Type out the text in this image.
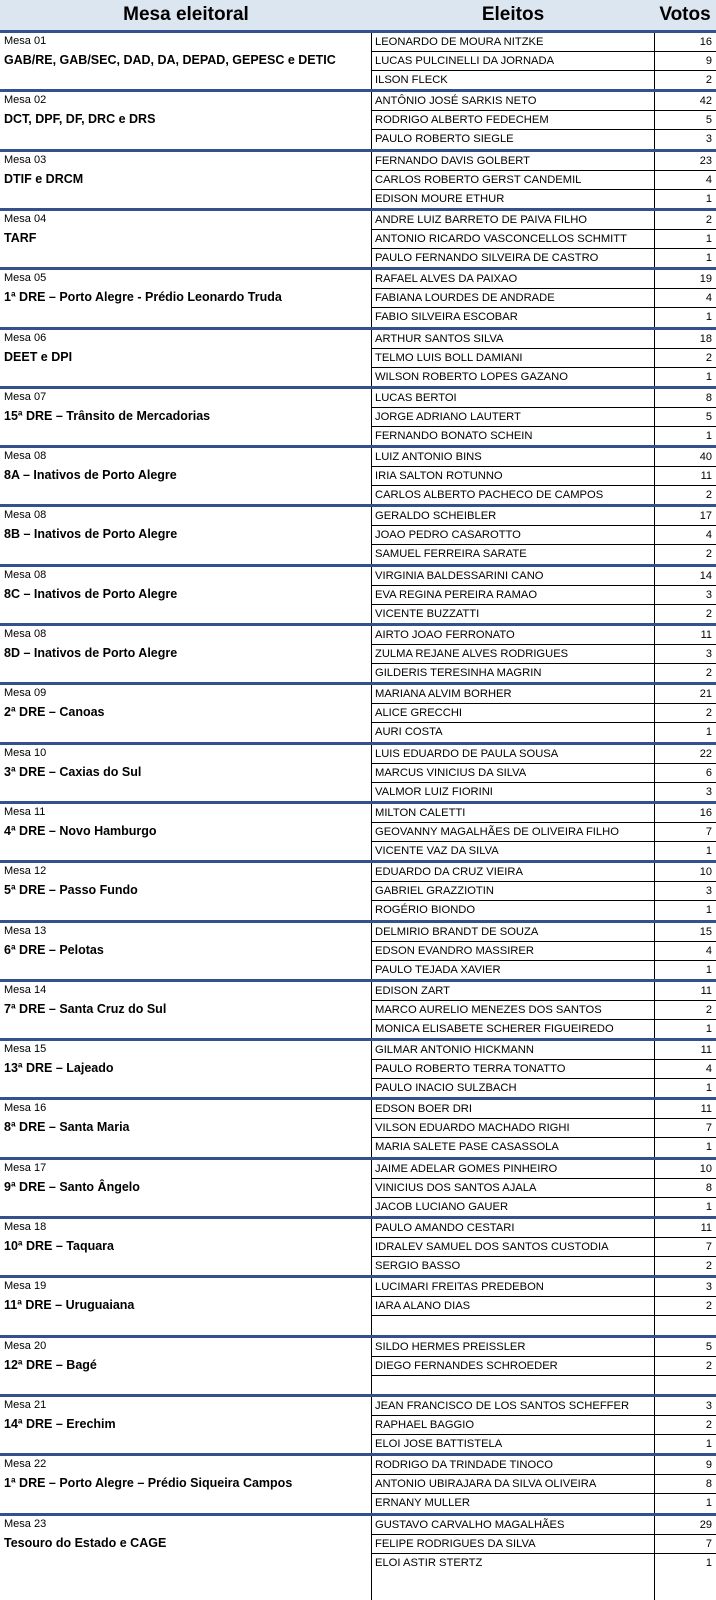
Mesa eleitoral	Eleitos	Votos
Mesa 01
GAB/RE, GAB/SEC, DAD, DA, DEPAD, GEPESC e DETIC
LEONARDO DE MOURA NITZKE	16
LUCAS PULCINELLI DA JORNADA	9
ILSON FLECK	2
Mesa 02
DCT, DPF, DF, DRC e DRS
ANTÔNIO JOSÉ SARKIS NETO	42
RODRIGO ALBERTO FEDECHEM	5
PAULO ROBERTO SIEGLE	3
Mesa 03
DTIF e DRCM
FERNANDO DAVIS GOLBERT	23
CARLOS ROBERTO GERST CANDEMIL	4
EDISON MOURE ETHUR	1
Mesa 04
TARF
ANDRE LUIZ BARRETO DE PAIVA FILHO	2
ANTONIO RICARDO VASCONCELLOS SCHMITT	1
PAULO FERNANDO SILVEIRA DE CASTRO	1
Mesa 05
1ª DRE – Porto Alegre - Prédio Leonardo Truda
RAFAEL ALVES DA PAIXAO	19
FABIANA LOURDES DE ANDRADE	4
FABIO SILVEIRA ESCOBAR	1
Mesa 06
DEET e DPI
ARTHUR SANTOS SILVA	18
TELMO LUIS BOLL DAMIANI	2
WILSON ROBERTO LOPES GAZANO	1
Mesa 07
15ª DRE – Trânsito de Mercadorias
LUCAS BERTOI	8
JORGE ADRIANO LAUTERT	5
FERNANDO BONATO SCHEIN	1
Mesa 08
8A – Inativos de Porto Alegre
LUIZ ANTONIO BINS	40
IRIA SALTON ROTUNNO	11
CARLOS ALBERTO PACHECO DE CAMPOS	2
Mesa 08
8B – Inativos de Porto Alegre
GERALDO SCHEIBLER	17
JOAO PEDRO CASAROTTO	4
SAMUEL FERREIRA SARATE	2
Mesa 08
8C – Inativos de Porto Alegre
VIRGINIA BALDESSARINI CANO	14
EVA REGINA PEREIRA RAMAO	3
VICENTE BUZZATTI	2
Mesa 08
8D – Inativos de Porto Alegre
AIRTO JOAO FERRONATO	11
ZULMA REJANE ALVES RODRIGUES	3
GILDERIS TERESINHA MAGRIN	2
Mesa 09
2ª DRE – Canoas
MARIANA ALVIM BORHER	21
ALICE GRECCHI	2
AURI COSTA	1
Mesa 10
3ª DRE – Caxias do Sul
LUIS EDUARDO DE PAULA SOUSA	22
MARCUS VINICIUS DA SILVA	6
VALMOR LUIZ FIORINI	3
Mesa 11
4ª DRE – Novo Hamburgo
MILTON CALETTI	16
GEOVANNY MAGALHÃES DE OLIVEIRA FILHO	7
VICENTE VAZ DA SILVA	1
Mesa 12
5ª DRE – Passo Fundo
EDUARDO DA CRUZ VIEIRA	10
GABRIEL GRAZZIOTIN	3
ROGÉRIO BIONDO	1
Mesa 13
6ª DRE – Pelotas
DELMIRIO BRANDT DE SOUZA	15
EDSON EVANDRO MASSIRER	4
PAULO TEJADA XAVIER	1
Mesa 14
7ª DRE – Santa Cruz do Sul
EDISON ZART	11
MARCO AURELIO MENEZES DOS SANTOS	2
MONICA ELISABETE SCHERER FIGUEIREDO	1
Mesa 15
13ª DRE – Lajeado
GILMAR ANTONIO HICKMANN	11
PAULO ROBERTO TERRA TONATTO	4
PAULO INACIO SULZBACH	1
Mesa 16
8ª DRE – Santa Maria
EDSON BOER DRI	11
VILSON EDUARDO MACHADO RIGHI	7
MARIA SALETE PASE CASASSOLA	1
Mesa 17
9ª DRE – Santo Ângelo
JAIME ADELAR GOMES PINHEIRO	10
VINICIUS DOS SANTOS AJALA	8
JACOB LUCIANO GAUER	1
Mesa 18
10ª DRE – Taquara
PAULO AMANDO CESTARI	11
IDRALEV SAMUEL DOS SANTOS CUSTODIA	7
SERGIO BASSO	2
Mesa 19
11ª DRE – Uruguaiana
LUCIMARI FREITAS PREDEBON	3
IARA ALANO DIAS	2
Mesa 20
12ª DRE – Bagé
SILDO HERMES PREISSLER	5
DIEGO FERNANDES SCHROEDER	2
Mesa 21
14ª DRE – Erechim
JEAN FRANCISCO DE LOS SANTOS SCHEFFER	3
RAPHAEL BAGGIO	2
ELOI JOSE BATTISTELA	1
Mesa 22
1ª DRE – Porto Alegre – Prédio Siqueira Campos
RODRIGO DA TRINDADE TINOCO	9
ANTONIO UBIRAJARA DA SILVA OLIVEIRA	8
ERNANY MULLER	1
Mesa 23
Tesouro do Estado e CAGE
GUSTAVO CARVALHO MAGALHÃES	29
FELIPE RODRIGUES DA SILVA	7
ELOI ASTIR STERTZ	1
